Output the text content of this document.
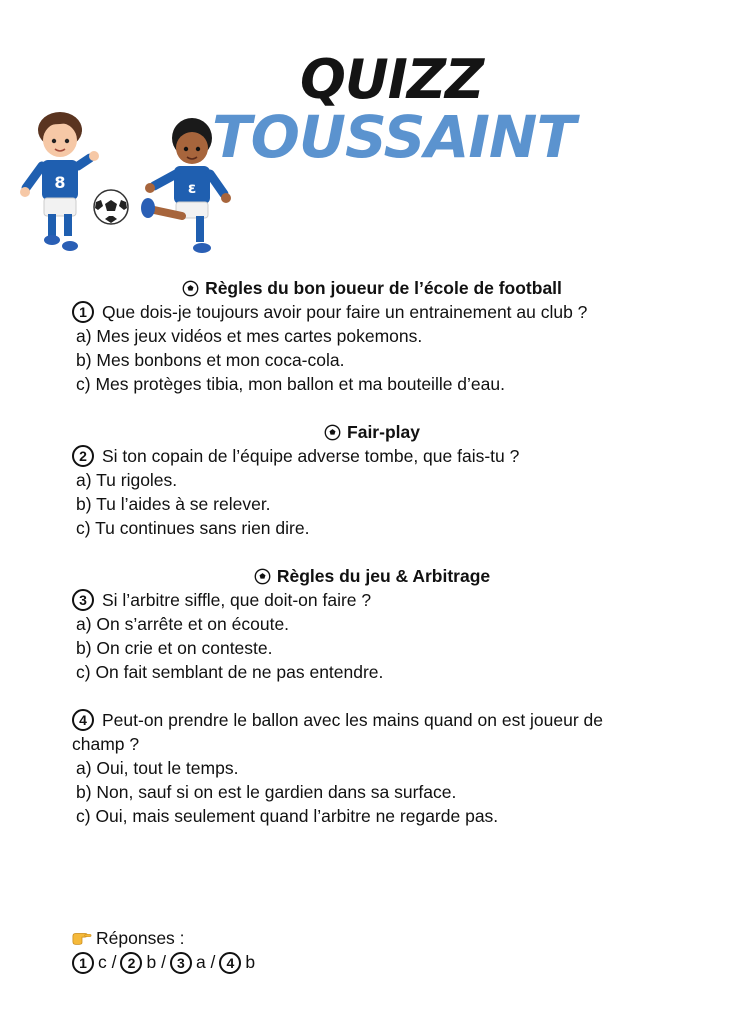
QUIZZ
TOUSSAINT
8	ɛ
Règles du bon joueur de l’école de football
1 Que dois-je toujours avoir pour faire un entrainement au club ?
a) Mes jeux vidéos et mes cartes pokemons.
b) Mes bonbons et mon coca-cola.
c) Mes protèges tibia, mon ballon et ma bouteille d’eau.
Fair-play
2 Si ton copain de l’équipe adverse tombe, que fais-tu ?
a) Tu rigoles.
b) Tu l’aides à se relever.
c) Tu continues sans rien dire.
Règles du jeu & Arbitrage
3 Si l’arbitre siffle, que doit-on faire ?
a) On s’arrête et on écoute.
b) On crie et on conteste.
c) On fait semblant de ne pas entendre.
4 Peut-on prendre le ballon avec les mains quand on est joueur de
champ ?
a) Oui, tout le temps.
b) Non, sauf si on est le gardien dans sa surface.
c) Oui, mais seulement quand l’arbitre ne regarde pas.
Réponses :
1 c / 2 b / 3 a / 4 b
